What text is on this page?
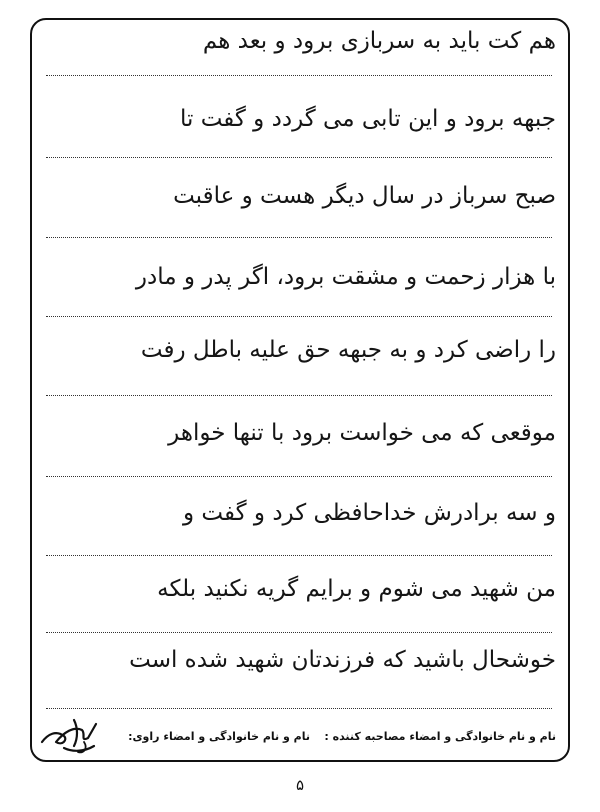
هم کت باید به سربازی برود و بعد هم
جبهه برود و این تابی می گردد و گفت تا
صبح سرباز در سال دیگر هست و عاقبت
با هزار زحمت و مشقت برود، اگر پدر و مادر
را راضی کرد و به جبهه حق علیه باطل رفت
موقعی که می خواست برود با تنها خواهر
و سه برادرش خداحافظی کرد و گفت و
من شهید می شوم و برایم گریه نکنید بلکه
خوشحال باشید که فرزندتان شهید شده است
نام و نام خانوادگی و امضاء مصاحبه کننده :
نام و نام خانوادگی و امضاء راوی:
۵
